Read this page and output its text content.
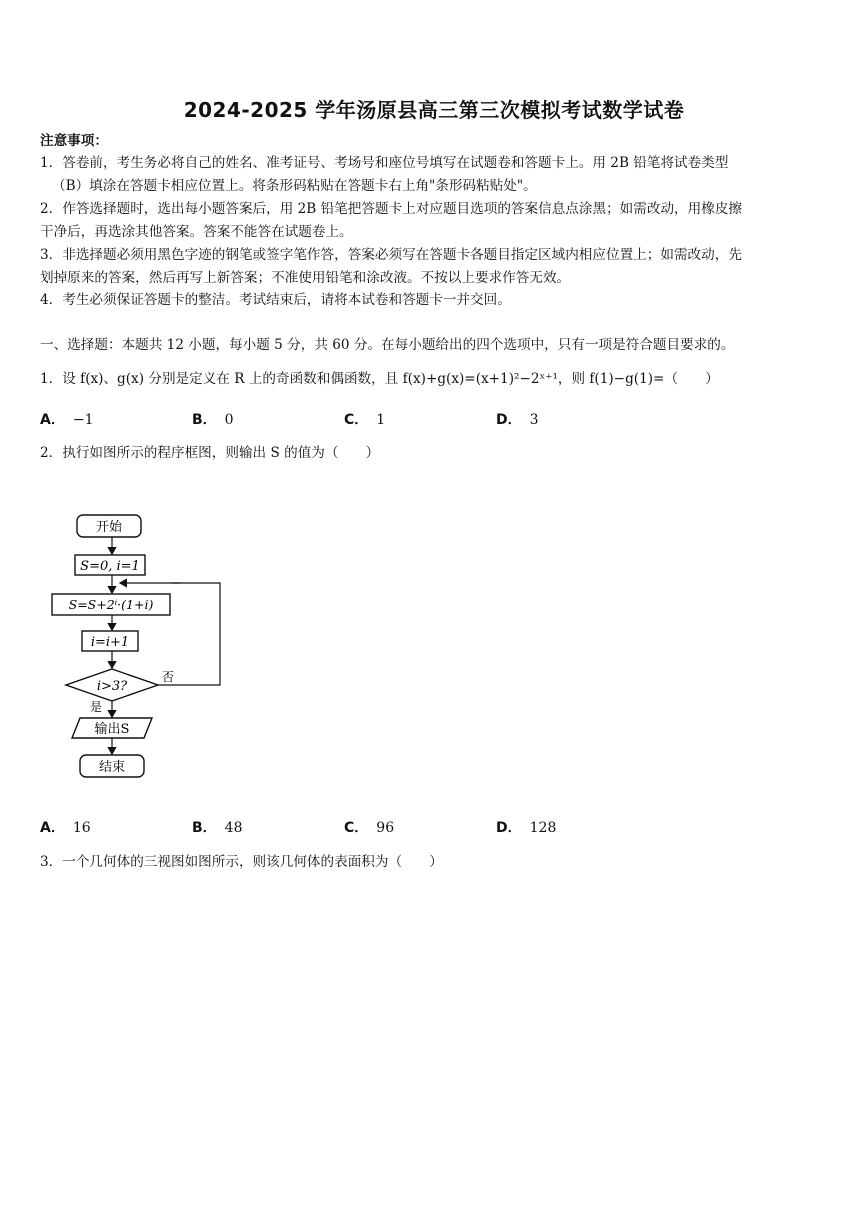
2024-2025 学年汤原县高三第三次模拟考试数学试卷
注意事项：
1．答卷前，考生务必将自己的姓名、准考证号、考场号和座位号填写在试题卷和答题卡上。用 2B 铅笔将试卷类型
（B）填涂在答题卡相应位置上。将条形码粘贴在答题卡右上角"条形码粘贴处"。
2．作答选择题时，选出每小题答案后，用 2B 铅笔把答题卡上对应题目选项的答案信息点涂黑；如需改动，用橡皮擦
干净后，再选涂其他答案。答案不能答在试题卷上。
3．非选择题必须用黑色字迹的钢笔或签字笔作答，答案必须写在答题卡各题目指定区域内相应位置上；如需改动，先
划掉原来的答案，然后再写上新答案；不准使用铅笔和涂改液。不按以上要求作答无效。
4．考生必须保证答题卡的整洁。考试结束后，请将本试卷和答题卡一并交回。
一、选择题：本题共 12 小题，每小题 5 分，共 60 分。在每小题给出的四个选项中，只有一项是符合题目要求的。
1．设 f(x)、g(x) 分别是定义在 R 上的奇函数和偶函数，且 f(x)+g(x)=(x+1)²−2ˣ⁺¹，则 f(1)−g(1)=（　　）
A． −1	B． 0	C． 1	D． 3
2．执行如图所示的程序框图，则输出 S 的值为（　　）
开始
S=0, i=1
S=S+2ⁱ·(1+i)
i=i+1
i>3?
否
是
输出S
结束
A． 16	B． 48	C． 96	D． 128
3．一个几何体的三视图如图所示，则该几何体的表面积为（　　）
